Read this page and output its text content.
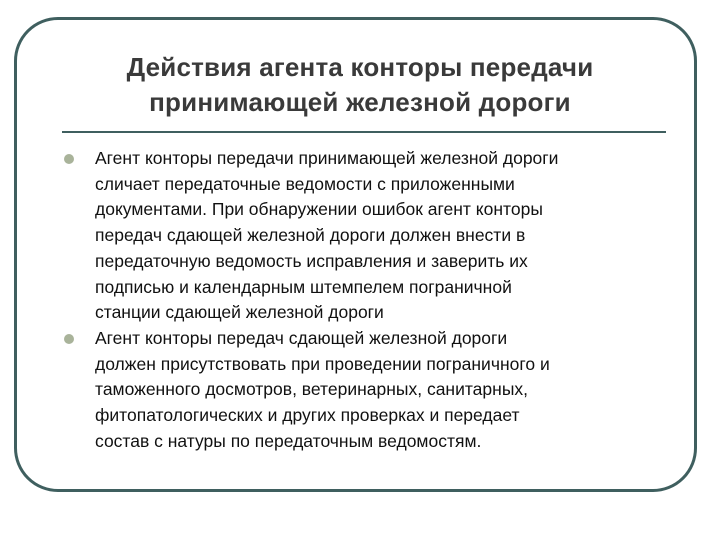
Действия агента конторы передачи
принимающей железной дороги
Агент конторы передачи принимающей железной дороги
сличает передаточные ведомости с приложенными
документами. При обнаружении ошибок агент конторы
передач сдающей железной дороги должен внести в
передаточную ведомость исправления и заверить их
подписью и календарным штемпелем пограничной
станции сдающей железной дороги
Агент конторы передач сдающей железной дороги
должен присутствовать при проведении пограничного и
таможенного досмотров, ветеринарных, санитарных,
фитопатологических и других проверках и передает
состав с натуры по передаточным ведомостям.
